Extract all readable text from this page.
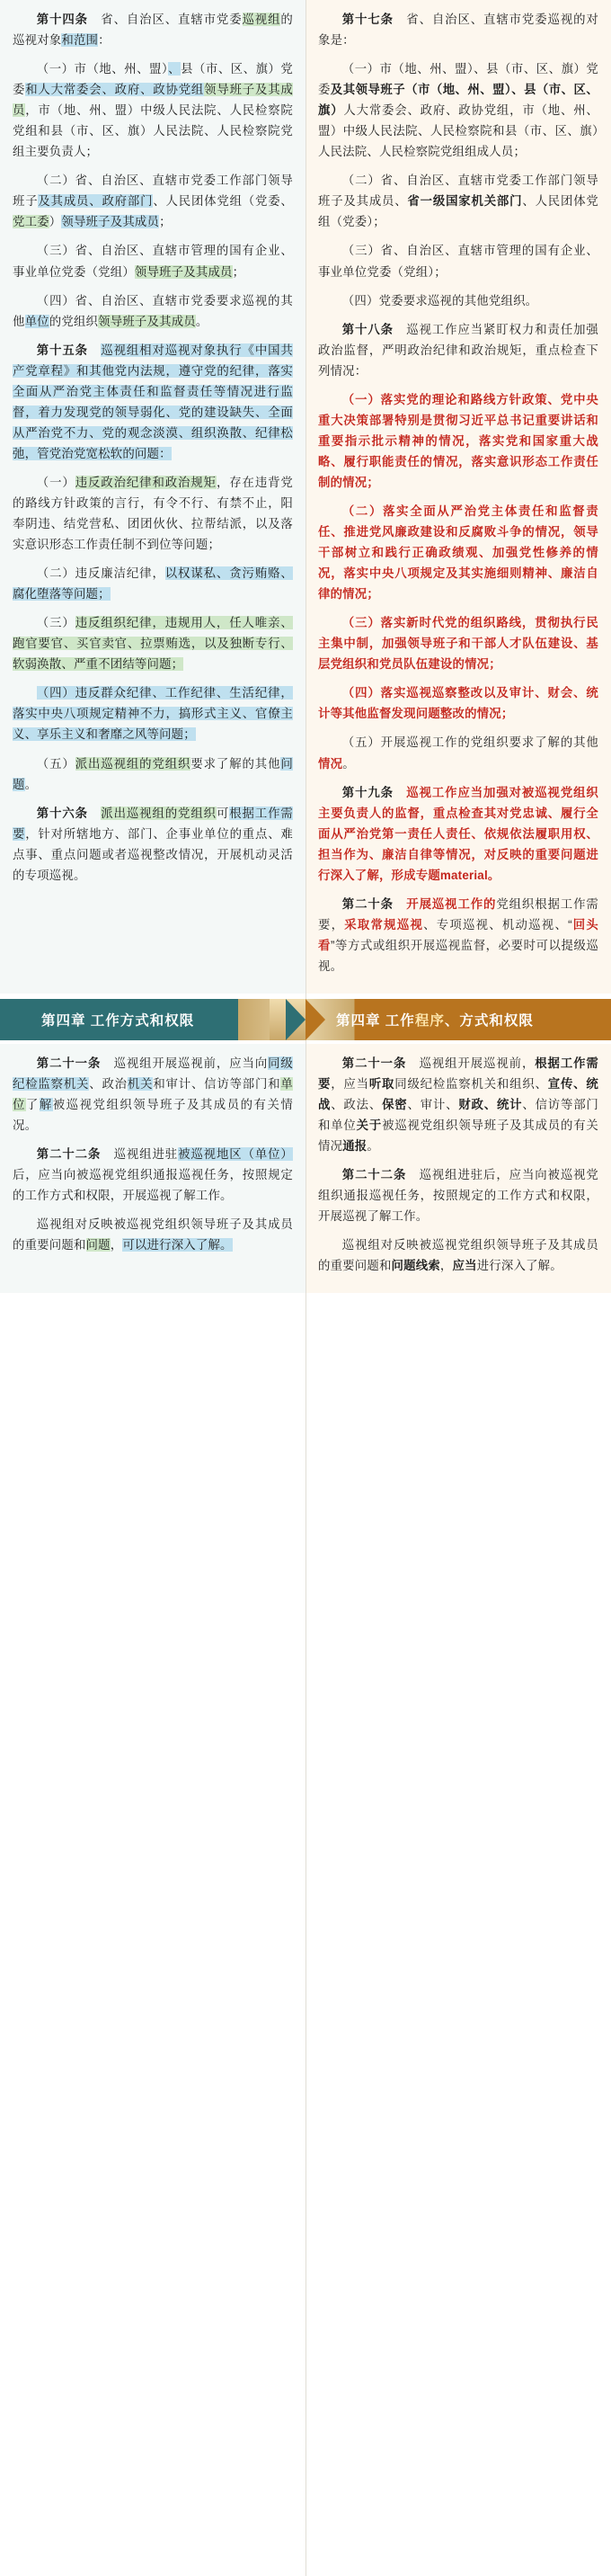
第十四条　省、自治区、直辖市党委巡视组的巡视对象和范围：

（一）市（地、州、盟）、县（市、区、旗）党委和人大常委会、政府、政协党组领导班子及其成员，市（地、州、盟）中级人民法院、人民检察院党组和县（市、区、旗）人民法院、人民检察院党组主要负责人；

（二）省、自治区、直辖市党委工作部门领导班子及其成员、政府部门、人民团体党组（党委、党工委）领导班子及其成员；

（三）省、自治区、直辖市管理的国有企业、事业单位党委（党组）领导班子及其成员；

（四）省、自治区、直辖市党委要求巡视的其他单位的党组织领导班子及其成员。

第十五条　 巡视组相对巡视对象执行《中国共产党章程》和其他党内法规，遵守党的纪律，落实全面从严治党主体责任和监督责任等情况进行监督，着力发现党的领导弱化、党的建设缺失、全面从严治党不力、党的观念淡漠、组织涣散、纪律松弛，管党治党宽松软的问题：

（一）违反政治纪律和政治规矩，存在违背党的路线方针政策的言行，有令不行、有禁不止，阳奉阴违、结党营私、团团伙伙、拉帮结派，以及落实意识形态工作责任制不到位等问题；

（二）违反廉洁纪律，以权谋私、贪污贿赂、腐化堕落等问题；

（三）违反组织纪律，违规用人，任人唯亲、跑官要官、买官卖官、拉票贿选，以及独断专行、软弱涣散、严重不团结等问题；

（四）违反群众纪律、工作纪律、生活纪律，落实中央八项规定精神不力，搞形式主义、官僚主义、享乐主义和奢靡之风等问题；

（五）派出巡视组的党组织要求了解的其他问题。

第十六条　 派出巡视组的党组织可根据工作需要，针对所辖地方、部门、企事业单位的重点、难点事、重点问题或者巡视整改情况，开展机动灵活的专项巡视。

第十七条　省、自治区、直辖市党委巡视的对象是：

（一）市（地、州、盟）、县（市、区、旗）党委及其领导班子（市（地、州、盟）、县（市、区、旗）人大常委会、政府、政协党组，市（地、州、盟）中级人民法院、人民检察院和县（市、区、旗）人民法院、人民检察院党组组成人员；

（二）省、自治区、直辖市党委工作部门领导班子及其成员、省一级国家机关部门、人民团体党组（党委）；

（三）省、自治区、直辖市管理的国有企业、事业单位党委（党组）；

（四）党委要求巡视的其他党组织。

第十八条　巡视工作应当紧盯权力和责任加强政治监督，严明政治纪律和政治规矩，重点检查下列情况：

（一）落实党的理论和路线方针政策、党中央重大决策部署特别是贯彻习近平总书记重要讲话和重要指示批示精神的情况，落实党和国家重大战略、履行职能责任的情况，落实意识形态工作责任制的情况；

（二）落实全面从严治党主体责任和监督责任、推进党风廉政建设和反腐败斗争的情况，领导干部树立和践行正确政绩观、加强党性修养的情况，落实中央八项规定及其实施细则精神、廉洁自律的情况；

（三）落实新时代党的组织路线，贯彻执行民主集中制，加强领导班子和干部人才队伍建设、基层党组织和党员队伍建设的情况；

（四）落实巡视巡察整改以及审计、财会、统计等其他监督发现问题整改的情况；

（五）开展巡视工作的党组织要求了解的其他情况。

第十九条　巡视工作应当加强对被巡视党组织主要负责人的监督，重点检查其对党忠诚、履行全面从严治党第一责任人责任、依规依法履职用权、担当作为、廉洁自律等情况，对反映的重要问题进行深入了解，形成专题material。

第二十条　 开展巡视工作的党组织根据工作需要，采取常规巡视、专项巡视、机动巡视、“回头看”等方式或组织开展巡视监督，必要时可以提级巡视。

第四章 工作方式和权限	第四章 工作程序、方式和权限

第二十一条　巡视组开展巡视前，应当向同级纪检监察机关、政治机关和审计、信访等部门和单位了解被巡视党组织领导班子及其成员的有关情况。

第二十二条　巡视组进驻被巡视地区（单位）后，应当向被巡视党组织通报巡视任务，按照规定的工作方式和权限，开展巡视了解工作。

巡视组对反映被巡视党组织领导班子及其成员的重要问题和问题，可以进行深入了解。

第二十一条　巡视组开展巡视前，根据工作需要，应当听取同级纪检监察机关和组织、宣传、统战、政法、保密、审计、财政、统计、信访等部门和单位关于被巡视党组织领导班子及其成员的有关情况通报。

第二十二条　巡视组进驻后，应当向被巡视党组织通报巡视任务，按照规定的工作方式和权限，开展巡视了解工作。

巡视组对反映被巡视党组织领导班子及其成员的重要问题和问题线索，应当进行深入了解。
